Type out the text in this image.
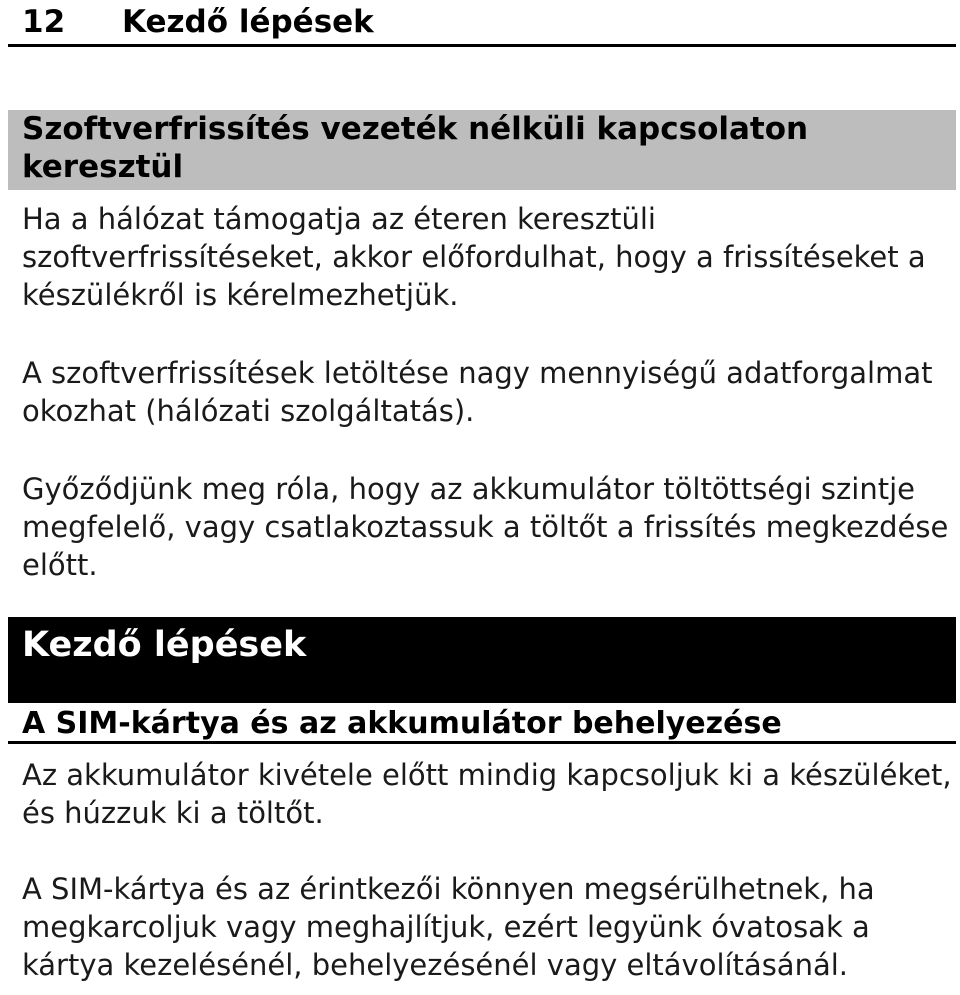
12	Kezdő lépések
Szoftverfrissítés vezeték nélküli kapcsolaton keresztül

Ha a hálózat támogatja az éteren keresztüli szoftverfrissítéseket, akkor előfordulhat, hogy a frissítéseket a készülékről is kérelmezhetjük.

A szoftverfrissítések letöltése nagy mennyiségű adatforgalmat okozhat (hálózati szolgáltatás).

Győződjünk meg róla, hogy az akkumulátor töltöttségi szintje megfelelő, vagy csatlakoztassuk a töltőt a frissítés megkezdése előtt.

Kezdő lépések
A SIM-kártya és az akkumulátor behelyezése

Az akkumulátor kivétele előtt mindig kapcsoljuk ki a készüléket, és húzzuk ki a töltőt.

A SIM-kártya és az érintkezői könnyen megsérülhetnek, ha megkarcoljuk vagy meghajlítjuk, ezért legyünk óvatosak a kártya kezelésénél, behelyezésénél vagy eltávolításánál.
